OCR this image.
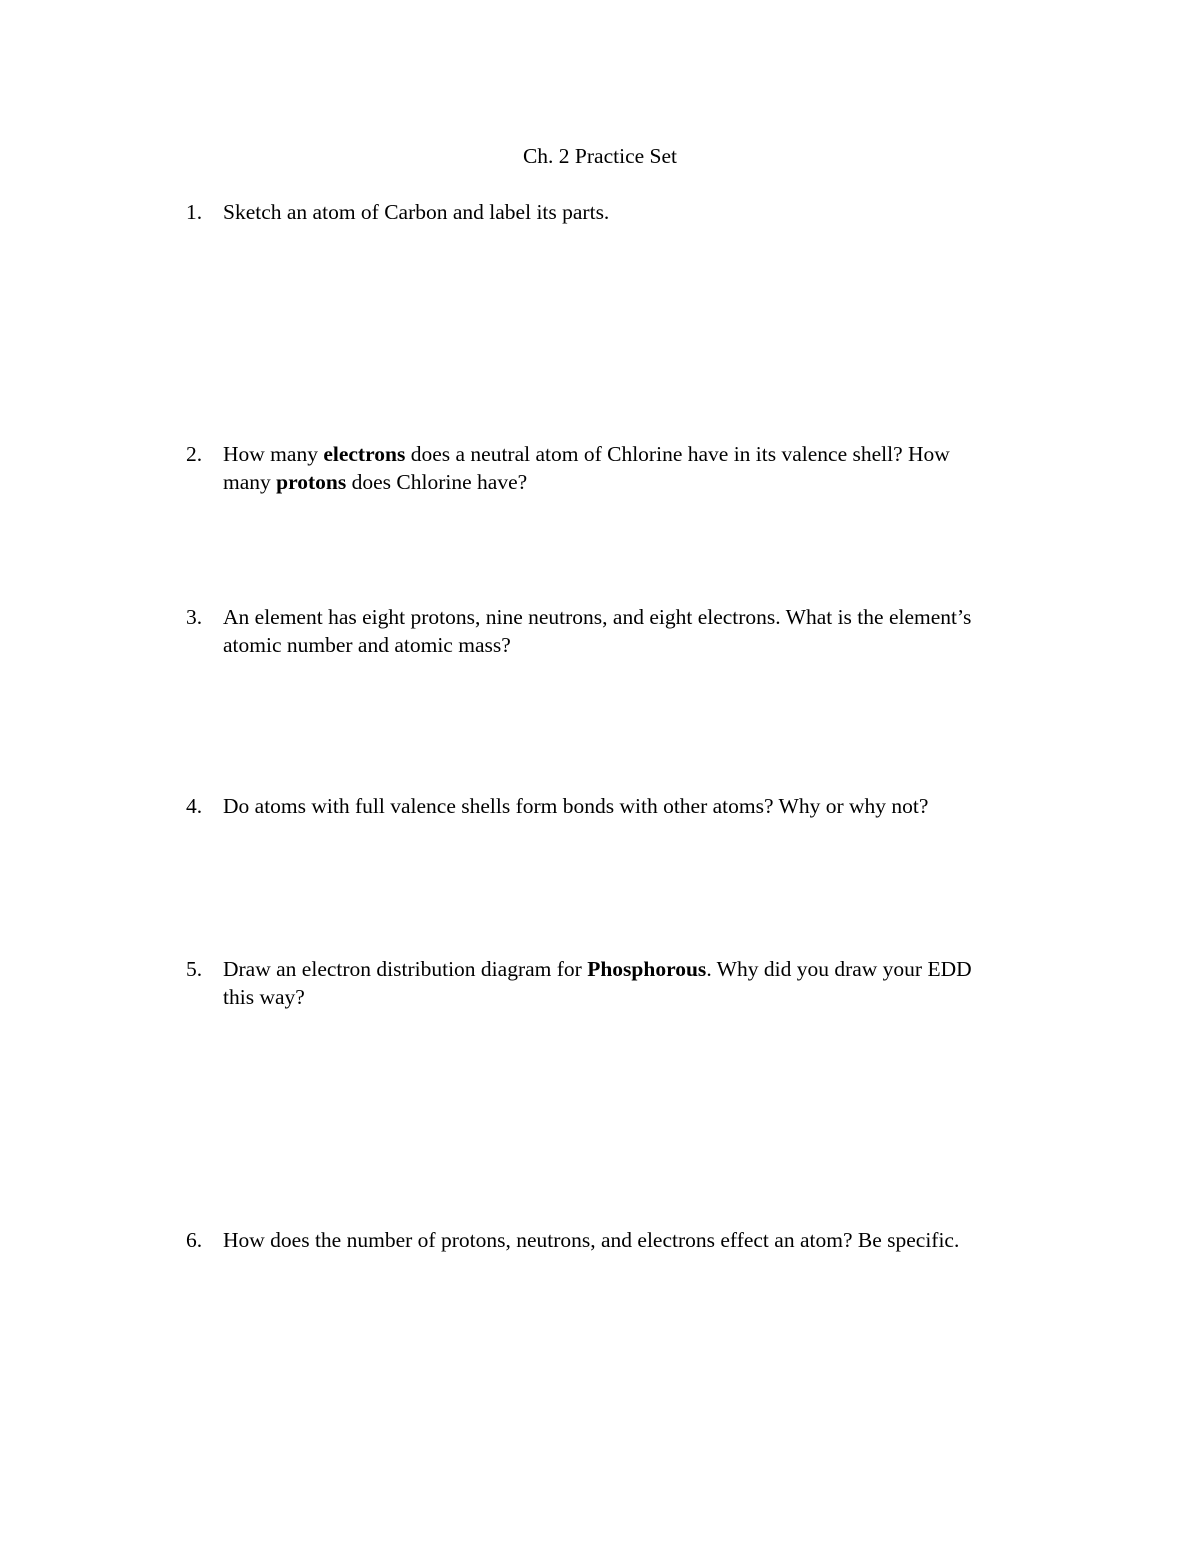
Ch. 2 Practice Set
1. Sketch an atom of Carbon and label its parts.
2. How many electrons does a neutral atom of Chlorine have in its valence shell? How
many protons does Chlorine have?
3. An element has eight protons, nine neutrons, and eight electrons. What is the element’s
atomic number and atomic mass?
4. Do atoms with full valence shells form bonds with other atoms? Why or why not?
5. Draw an electron distribution diagram for Phosphorous. Why did you draw your EDD
this way?
6. How does the number of protons, neutrons, and electrons effect an atom? Be specific.
